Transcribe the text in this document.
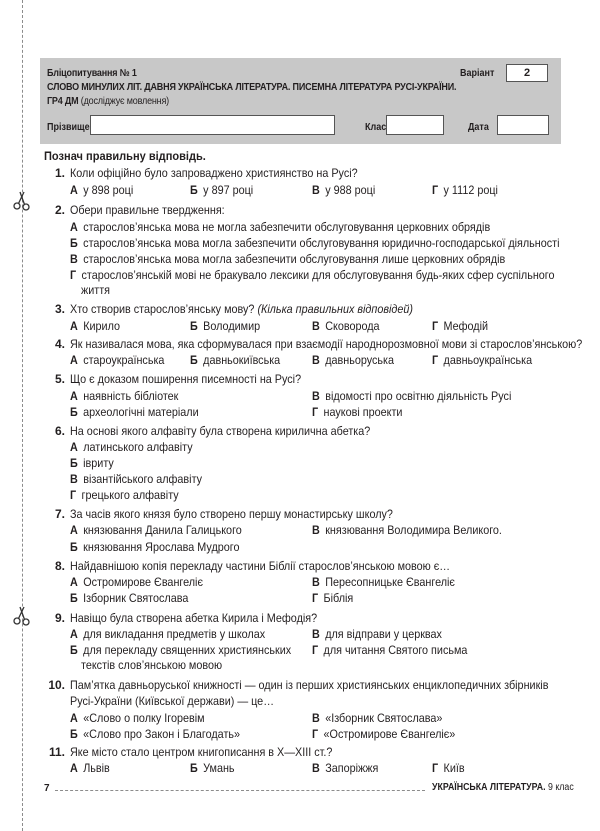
Бліцопитування № 1
СЛОВО МИНУЛИХ ЛІТ. ДАВНЯ УКРАЇНСЬКА ЛІТЕРАТУРА. ПИСЕМНА ЛІТЕРАТУРА РУСІ-УКРАЇНИ.
ГР4 ДМ (досліджує мовлення)
Варіант	2
Прізвище	Клас	Дата
Познач правильну відповідь.
1. Коли офіційно було запроваджено християнство на Русі?
А у 898 році	Б у 897 році	В у 988 році	Г у 1112 році
2. Обери правильне твердження:
А старослов’янська мова не могла забезпечити обслуговування церковних обрядів
Б старослов’янська мова могла забезпечити обслуговування юридично-господарської діяльності
В старослов’янська мова могла забезпечити обслуговування лише церковних обрядів
Г старослов’янській мові не бракувало лексики для обслуговування будь-яких сфер суспільного
життя
3. Хто створив старослов’янську мову? (Кілька правильних відповідей)
А Кирило	Б Володимир	В Сковорода	Г Мефодій
4. Як називалася мова, яка сформувалася при взаємодії народнорозмовної мови зі старослов’янською?
А староукраїнська Б давньокиївська	В давньоруська	Г давньоукраїнська
5. Що є доказом поширення писемності на Русі?
А наявність бібліотек	В відомості про освітню діяльність Русі
Б археологічні матеріали	Г наукові проекти
6. На основі якого алфавіту була створена кирилична абетка?
А латинського алфавіту
Б івриту
В візантійського алфавіту
Г грецького алфавіту
7. За часів якого князя було створено першу монастирську школу?
А князювання Данила Галицького	В князювання Володимира Великого.
Б князювання Ярослава Мудрого
8. Найдавнішою копія перекладу частини Біблії старослов’янською мовою є…
А Остромирове Євангеліє	В Пересопницьке Євангеліє
Б Ізборник Святослава	Г Біблія
9. Навіщо була створена абетка Кирила і Мефодія?
А для викладання предметів у школах	В для відправи у церквах
Б для перекладу священних християнських Г для читання Святого письма
текстів слов’янською мовою
10. Пам’ятка давньоруської книжності — один із перших християнських енциклопедичних збірників
Русі-України (Київської держави) — це…
А «Слово о полку Ігоревім	В «Ізборник Святослава»
Б «Слово про Закон і Благодать»	Г «Остромирове Євангеліє»
11. Яке місто стало центром книгописання в X—XIII ст.?
А Львів	Б Умань	В Запоріжжя	Г Київ
7	УКРАЇНСЬКА ЛІТЕРАТУРА. 9 клас
